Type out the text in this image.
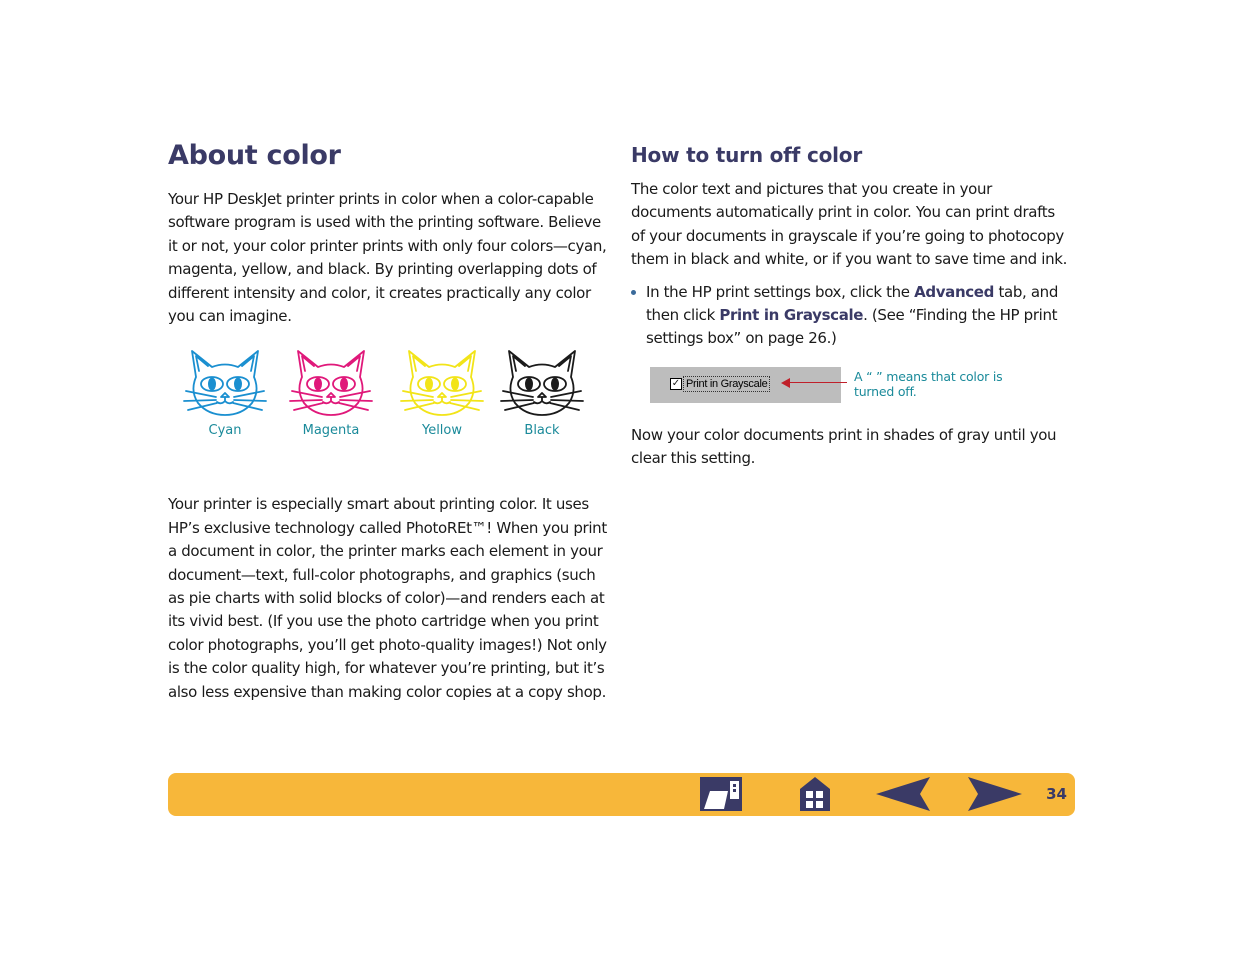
About color

Your HP DeskJet printer prints in color when a color-capable software program is used with the printing software. Believe it or not, your color printer prints with only four colors—cyan, magenta, yellow, and black. By printing overlapping dots of different intensity and color, it creates practically any color you can imagine.

Cyan	Magenta	Yellow	Black

Your printer is especially smart about printing color. It uses HP’s exclusive technology called PhotoREt™! When you print a document in color, the printer marks each element in your document—text, full-color photographs, and graphics (such as pie charts with solid blocks of color)—and renders each at its vivid best. (If you use the photo cartridge when you print color photographs, you’ll get photo-quality images!) Not only is the color quality high, for whatever you’re printing, but it’s also less expensive than making color copies at a copy shop.

How to turn off color

The color text and pictures that you create in your documents automatically print in color. You can print drafts of your documents in grayscale if you’re going to photocopy them in black and white, or if you want to save time and ink.

In the HP print settings box, click the Advanced tab, and then click Print in Grayscale. (See “Finding the HP print settings box” on page 26.)
✓ Print in Grayscale	A “ ” means that color is turned off.

Now your color documents print in shades of gray until you clear this setting.

34
